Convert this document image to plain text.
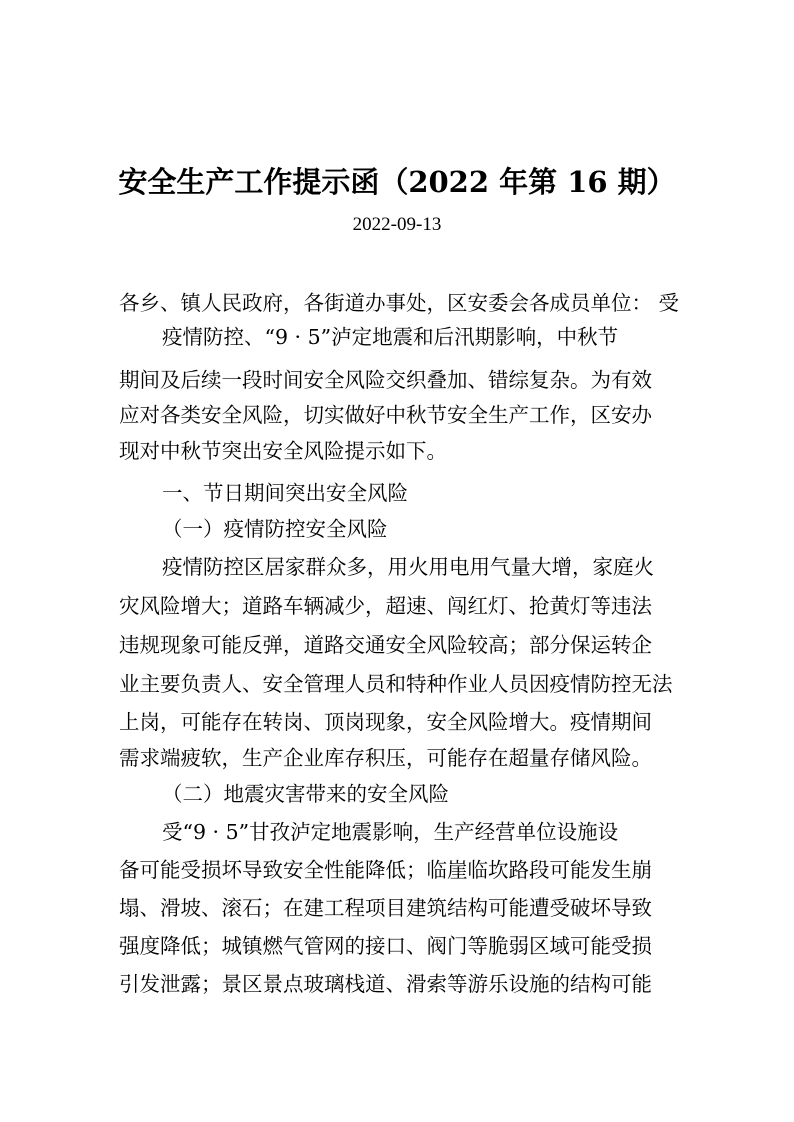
安全生产工作提示函（2022 年第 16 期）
2022-09-13
各乡、镇人民政府，各街道办事处，区安委会各成员单位： 受
疫情防控、“9 · 5”泸定地震和后汛期影响，中秋节
期间及后续一段时间安全风险交织叠加、错综复杂。为有效
应对各类安全风险，切实做好中秋节安全生产工作，区安办
现对中秋节突出安全风险提示如下。
一、节日期间突出安全风险
（一）疫情防控安全风险
疫情防控区居家群众多，用火用电用气量大增，家庭火
灾风险增大；道路车辆减少，超速、闯红灯、抢黄灯等违法
违规现象可能反弹，道路交通安全风险较高；部分保运转企
业主要负责人、安全管理人员和特种作业人员因疫情防控无法
上岗，可能存在转岗、顶岗现象，安全风险增大。疫情期间
需求端疲软，生产企业库存积压，可能存在超量存储风险。
（二）地震灾害带来的安全风险
受“9 · 5”甘孜泸定地震影响，生产经营单位设施设
备可能受损坏导致安全性能降低；临崖临坎路段可能发生崩
塌、滑坡、滚石；在建工程项目建筑结构可能遭受破坏导致
强度降低；城镇燃气管网的接口、阀门等脆弱区域可能受损
引发泄露；景区景点玻璃栈道、滑索等游乐设施的结构可能
